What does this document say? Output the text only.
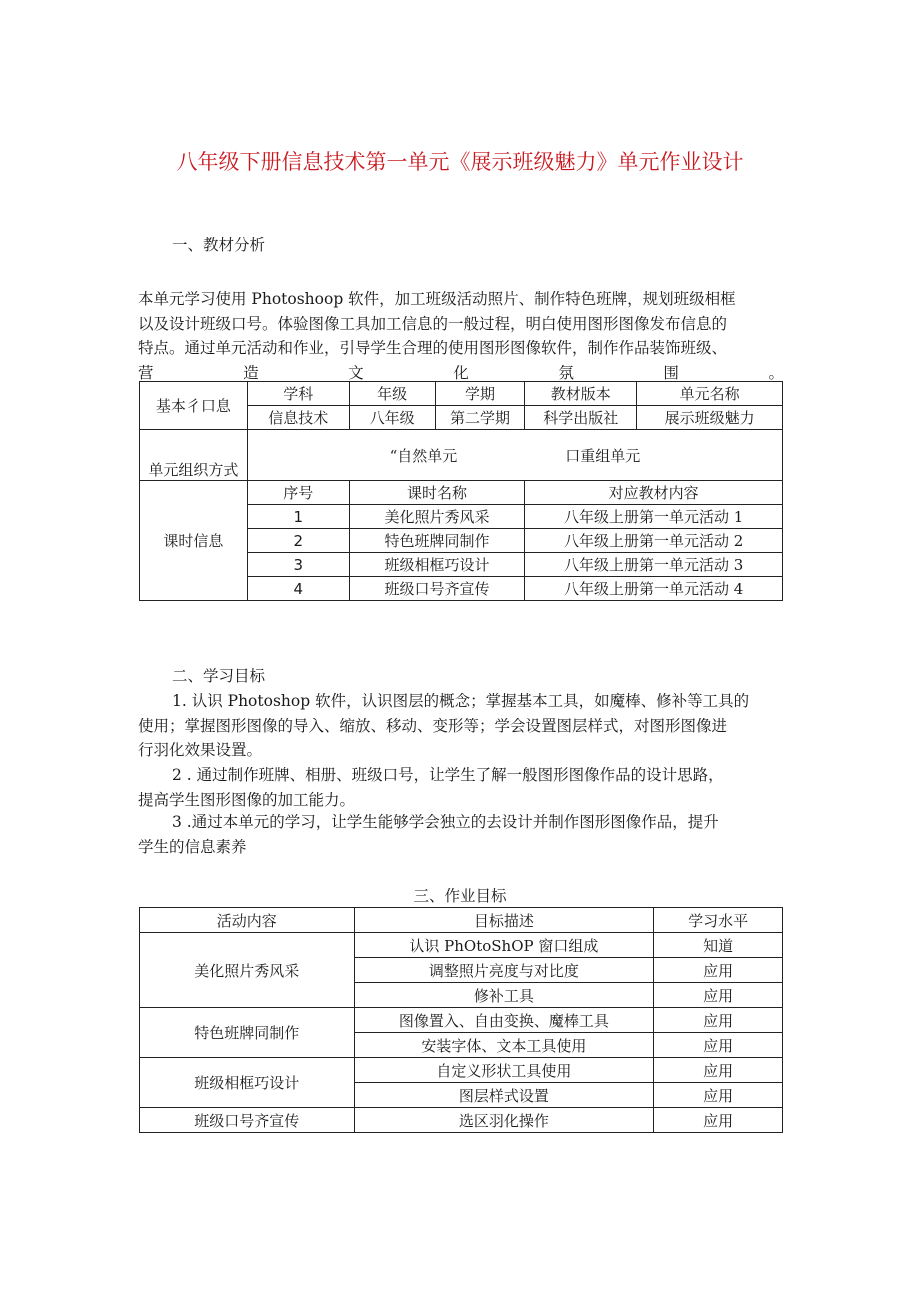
八年级下册信息技术第一单元《展示班级魅力》单元作业设计
一、教材分析
本单元学习使用 Photoshoop 软件，加工班级活动照片、制作特色班牌，规划班级相框
以及设计班级口号。体验图像工具加工信息的一般过程，明白使用图形图像发布信息的
特点。通过单元活动和作业，引导学生合理的使用图形图像软件，制作作品装饰班级、
营	造	文	化	氛	围	。
基本彳口息	学科	年级	学期	教材版本	单元名称
	信息技术	八年级	第二学期	科学出版社	展示班级魅力
单元组织方式	“自然单元 口重组单元				
课时信息	序号	课时名称		对应教材内容	
	1	美化照片秀风采		八年级上册第一单元活动 1	
	2	特色班牌同制作		八年级上册第一单元活动 2	
	3	班级相框巧设计		八年级上册第一单元活动 3	
	4	班级口号齐宣传		八年级上册第一单元活动 4	
二、学习目标
1. 认识 Photoshop 软件，认识图层的概念；掌握基本工具，如魔棒、修补等工具的
使用；掌握图形图像的导入、缩放、移动、变形等；学会设置图层样式，对图形图像进
行羽化效果设置。
2 . 通过制作班牌、相册、班级口号，让学生了解一般图形图像作品的设计思路，
提高学生图形图像的加工能力。
3 .通过本单元的学习，让学生能够学会独立的去设计并制作图形图像作品，提升
学生的信息素养
三、作业目标
活动内容	目标描述	学习水平
美化照片秀风采	认识 PhOtoShOP 窗口组成	知道
	调整照片亮度与对比度	应用
	修补工具	应用
特色班牌同制作	图像置入、自由变换、魔棒工具	应用
	安装字体、文本工具使用	应用
班级相框巧设计	自定义形状工具使用	应用
	图层样式设置	应用
班级口号齐宣传	选区羽化操作	应用
